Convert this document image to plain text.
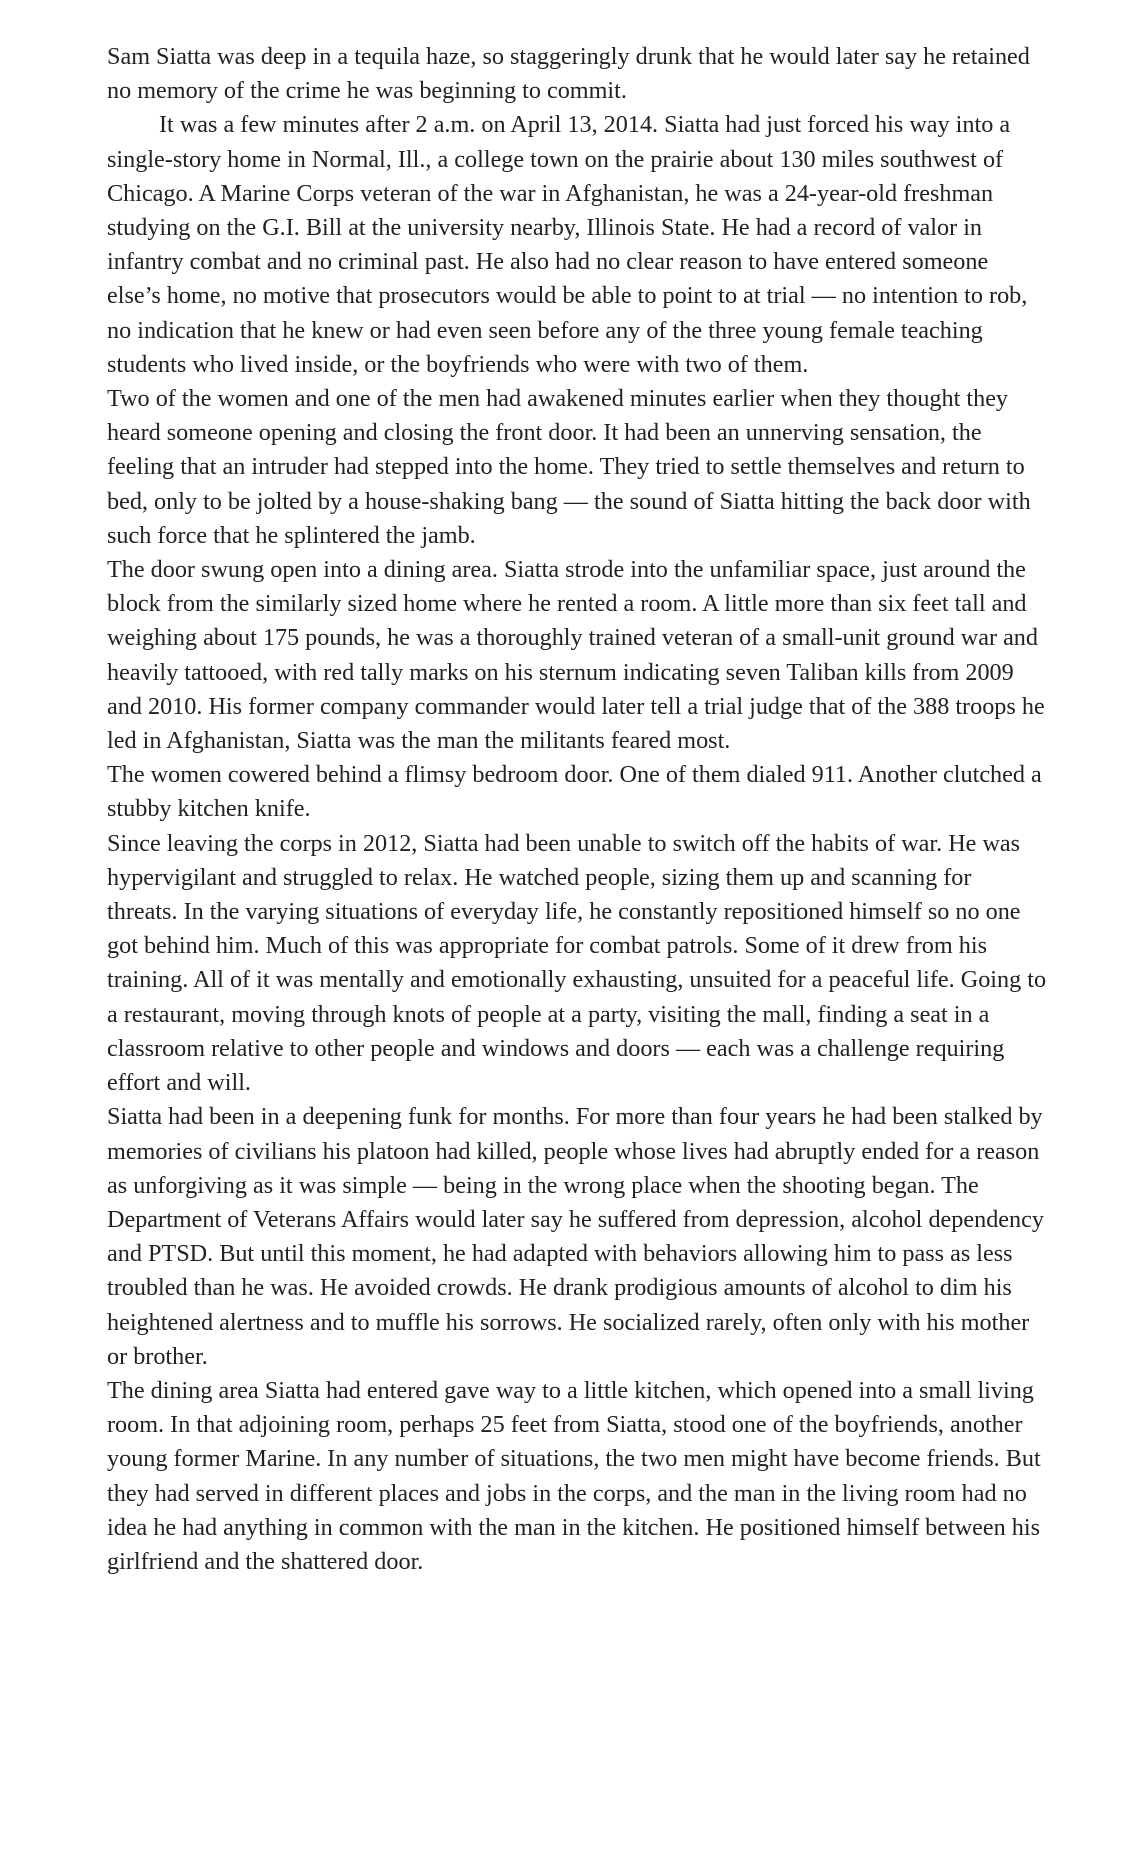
Sam Siatta was deep in a tequila haze, so staggeringly drunk that he would later say he retained no memory of the crime he was beginning to commit.

It was a few minutes after 2 a.m. on April 13, 2014. Siatta had just forced his way into a single-story home in Normal, Ill., a college town on the prairie about 130 miles southwest of Chicago. A Marine Corps veteran of the war in Afghanistan, he was a 24-year-old freshman studying on the G.I. Bill at the university nearby, Illinois State. He had a record of valor in infantry combat and no criminal past. He also had no clear reason to have entered someone else’s home, no motive that prosecutors would be able to point to at trial — no intention to rob, no indication that he knew or had even seen before any of the three young female teaching students who lived inside, or the boyfriends who were with two of them.

Two of the women and one of the men had awakened minutes earlier when they thought they heard someone opening and closing the front door. It had been an unnerving sensation, the feeling that an intruder had stepped into the home. They tried to settle themselves and return to bed, only to be jolted by a house-shaking bang — the sound of Siatta hitting the back door with such force that he splintered the jamb.

The door swung open into a dining area. Siatta strode into the unfamiliar space, just around the block from the similarly sized home where he rented a room. A little more than six feet tall and weighing about 175 pounds, he was a thoroughly trained veteran of a small-unit ground war and heavily tattooed, with red tally marks on his sternum indicating seven Taliban kills from 2009 and 2010. His former company commander would later tell a trial judge that of the 388 troops he led in Afghanistan, Siatta was the man the militants feared most.

The women cowered behind a flimsy bedroom door. One of them dialed 911. Another clutched a stubby kitchen knife.

Since leaving the corps in 2012, Siatta had been unable to switch off the habits of war. He was hypervigilant and struggled to relax. He watched people, sizing them up and scanning for threats. In the varying situations of everyday life, he constantly repositioned himself so no one got behind him. Much of this was appropriate for combat patrols. Some of it drew from his training. All of it was mentally and emotionally exhausting, unsuited for a peaceful life. Going to a restaurant, moving through knots of people at a party, visiting the mall, finding a seat in a classroom relative to other people and windows and doors — each was a challenge requiring effort and will.

Siatta had been in a deepening funk for months. For more than four years he had been stalked by memories of civilians his platoon had killed, people whose lives had abruptly ended for a reason as unforgiving as it was simple — being in the wrong place when the shooting began. The Department of Veterans Affairs would later say he suffered from depression, alcohol dependency and PTSD. But until this moment, he had adapted with behaviors allowing him to pass as less troubled than he was. He avoided crowds. He drank prodigious amounts of alcohol to dim his heightened alertness and to muffle his sorrows. He socialized rarely, often only with his mother or brother.

The dining area Siatta had entered gave way to a little kitchen, which opened into a small living room. In that adjoining room, perhaps 25 feet from Siatta, stood one of the boyfriends, another young former Marine. In any number of situations, the two men might have become friends. But they had served in different places and jobs in the corps, and the man in the living room had no idea he had anything in common with the man in the kitchen. He positioned himself between his girlfriend and the shattered door.
